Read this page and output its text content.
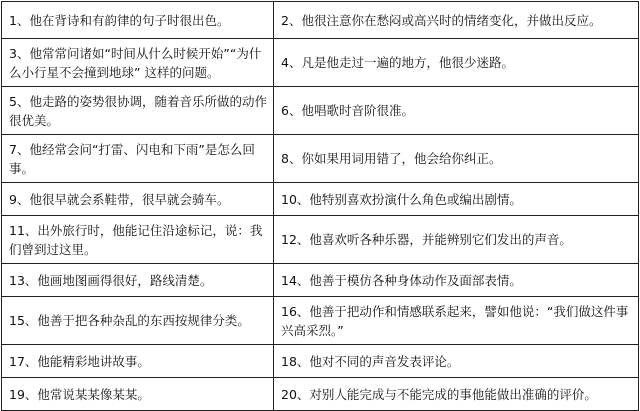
1、他在背诗和有韵律的句子时很出色。	2、他很注意你在愁闷或高兴时的情绪变化，并做出反应。

3、他常常问诸如“时间从什么时候开始”“为什么小行星不会撞到地球” 这样的问题。	4、凡是他走过一遍的地方，他很少迷路。

5、他走路的姿势很协调，随着音乐所做的动作很优美。	6、他唱歌时音阶很准。

7、他经常会问“打雷、闪电和下雨”是怎么回事。	8、你如果用词用错了，他会给你纠正。

9、他很早就会系鞋带，很早就会骑车。	10、他特别喜欢扮演什么角色或编出剧情。

11、出外旅行时，他能记住沿途标记，说：我们曾到过这里。	12、他喜欢听各种乐器，并能辨别它们发出的声音。

13、他画地图画得很好，路线清楚。	14、他善于模仿各种身体动作及面部表情。

15、他善于把各种杂乱的东西按规律分类。	16、他善于把动作和情感联系起来，譬如他说：“我们做这件事兴高采烈。”

17、他能精彩地讲故事。	18、他对不同的声音发表评论。

19、他常说某某像某某。	20、对别人能完成与不能完成的事他能做出准确的评价。
